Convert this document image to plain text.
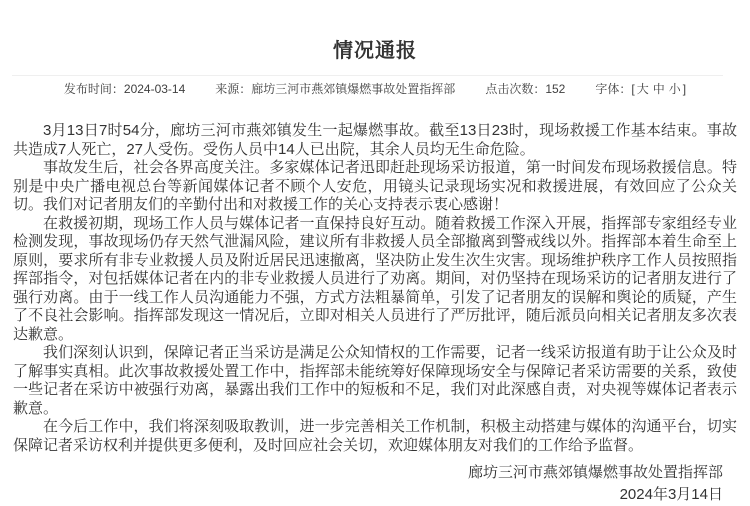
情况通报
发布时间：2024-03-14	来源：廊坊三河市燕郊镇爆燃事故处置指挥部	点击次数：152	字体：[ 大 中 小 ]

3月13日7时54分，廊坊三河市燕郊镇发生一起爆燃事故。截至13日23时，现场救援工作基本结束。事故共造成7人死亡，27人受伤。受伤人员中14人已出院，其余人员均无生命危险。

事故发生后，社会各界高度关注。多家媒体记者迅即赶赴现场采访报道，第一时间发布现场救援信息。特别是中央广播电视总台等新闻媒体记者不顾个人安危，用镜头记录现场实况和救援进展，有效回应了公众关切。我们对记者朋友们的辛勤付出和对救援工作的关心支持表示衷心感谢！

在救援初期，现场工作人员与媒体记者一直保持良好互动。随着救援工作深入开展，指挥部专家组经专业检测发现，事故现场仍存天然气泄漏风险，建议所有非救援人员全部撤离到警戒线以外。指挥部本着生命至上原则，要求所有非专业救援人员及附近居民迅速撤离，坚决防止发生次生灾害。现场维护秩序工作人员按照指挥部指令，对包括媒体记者在内的非专业救援人员进行了劝离。期间，对仍坚持在现场采访的记者朋友进行了强行劝离。由于一线工作人员沟通能力不强，方式方法粗暴简单，引发了记者朋友的误解和舆论的质疑，产生了不良社会影响。指挥部发现这一情况后，立即对相关人员进行了严厉批评，随后派员向相关记者朋友多次表达歉意。

我们深刻认识到，保障记者正当采访是满足公众知情权的工作需要，记者一线采访报道有助于让公众及时了解事实真相。此次事故救援处置工作中，指挥部未能统筹好保障现场安全与保障记者采访需要的关系，致使一些记者在采访中被强行劝离，暴露出我们工作中的短板和不足，我们对此深感自责，对央视等媒体记者表示歉意。

在今后工作中，我们将深刻吸取教训，进一步完善相关工作机制，积极主动搭建与媒体的沟通平台，切实保障记者采访权利并提供更多便利，及时回应社会关切，欢迎媒体朋友对我们的工作给予监督。

廊坊三河市燕郊镇爆燃事故处置指挥部
2024年3月14日
